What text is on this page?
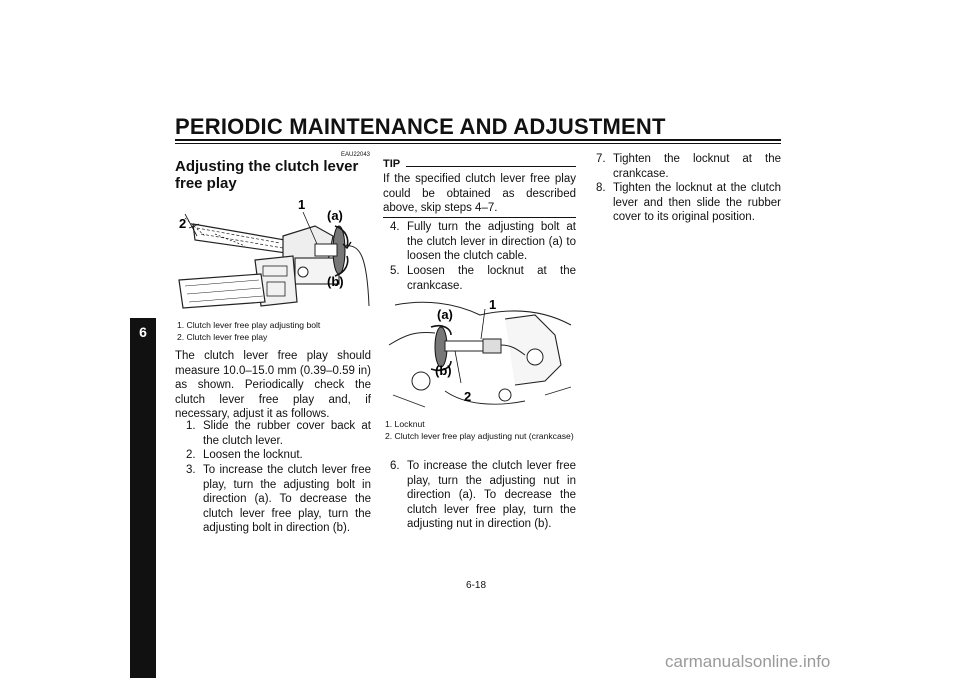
PERIODIC MAINTENANCE AND ADJUSTMENT
6
EAU22043
Adjusting the clutch lever free play
1
2
(a)
(b)
1. Clutch lever free play adjusting bolt
2. Clutch lever free play
The clutch lever free play should measure 10.0–15.0 mm (0.39–0.59 in) as shown. Periodically check the clutch lever free play and, if necessary, adjust it as follows.
1. Slide the rubber cover back at the clutch lever.
2. Loosen the locknut.
3. To increase the clutch lever free play, turn the adjusting bolt in direction (a). To decrease the clutch lever free play, turn the adjusting bolt in direction (b).
TIP
If the specified clutch lever free play could be obtained as described above, skip steps 4–7.
4. Fully turn the adjusting bolt at the clutch lever in direction (a) to loosen the clutch cable.
5. Loosen the locknut at the crankcase.
1
2
(a)
(b)
1. Locknut
2. Clutch lever free play adjusting nut (crankcase)
6. To increase the clutch lever free play, turn the adjusting nut in direction (a). To decrease the clutch lever free play, turn the adjusting nut in direction (b).
7. Tighten the locknut at the crankcase.
8. Tighten the locknut at the clutch lever and then slide the rubber cover to its original position.
6-18
carmanualsonline.info
